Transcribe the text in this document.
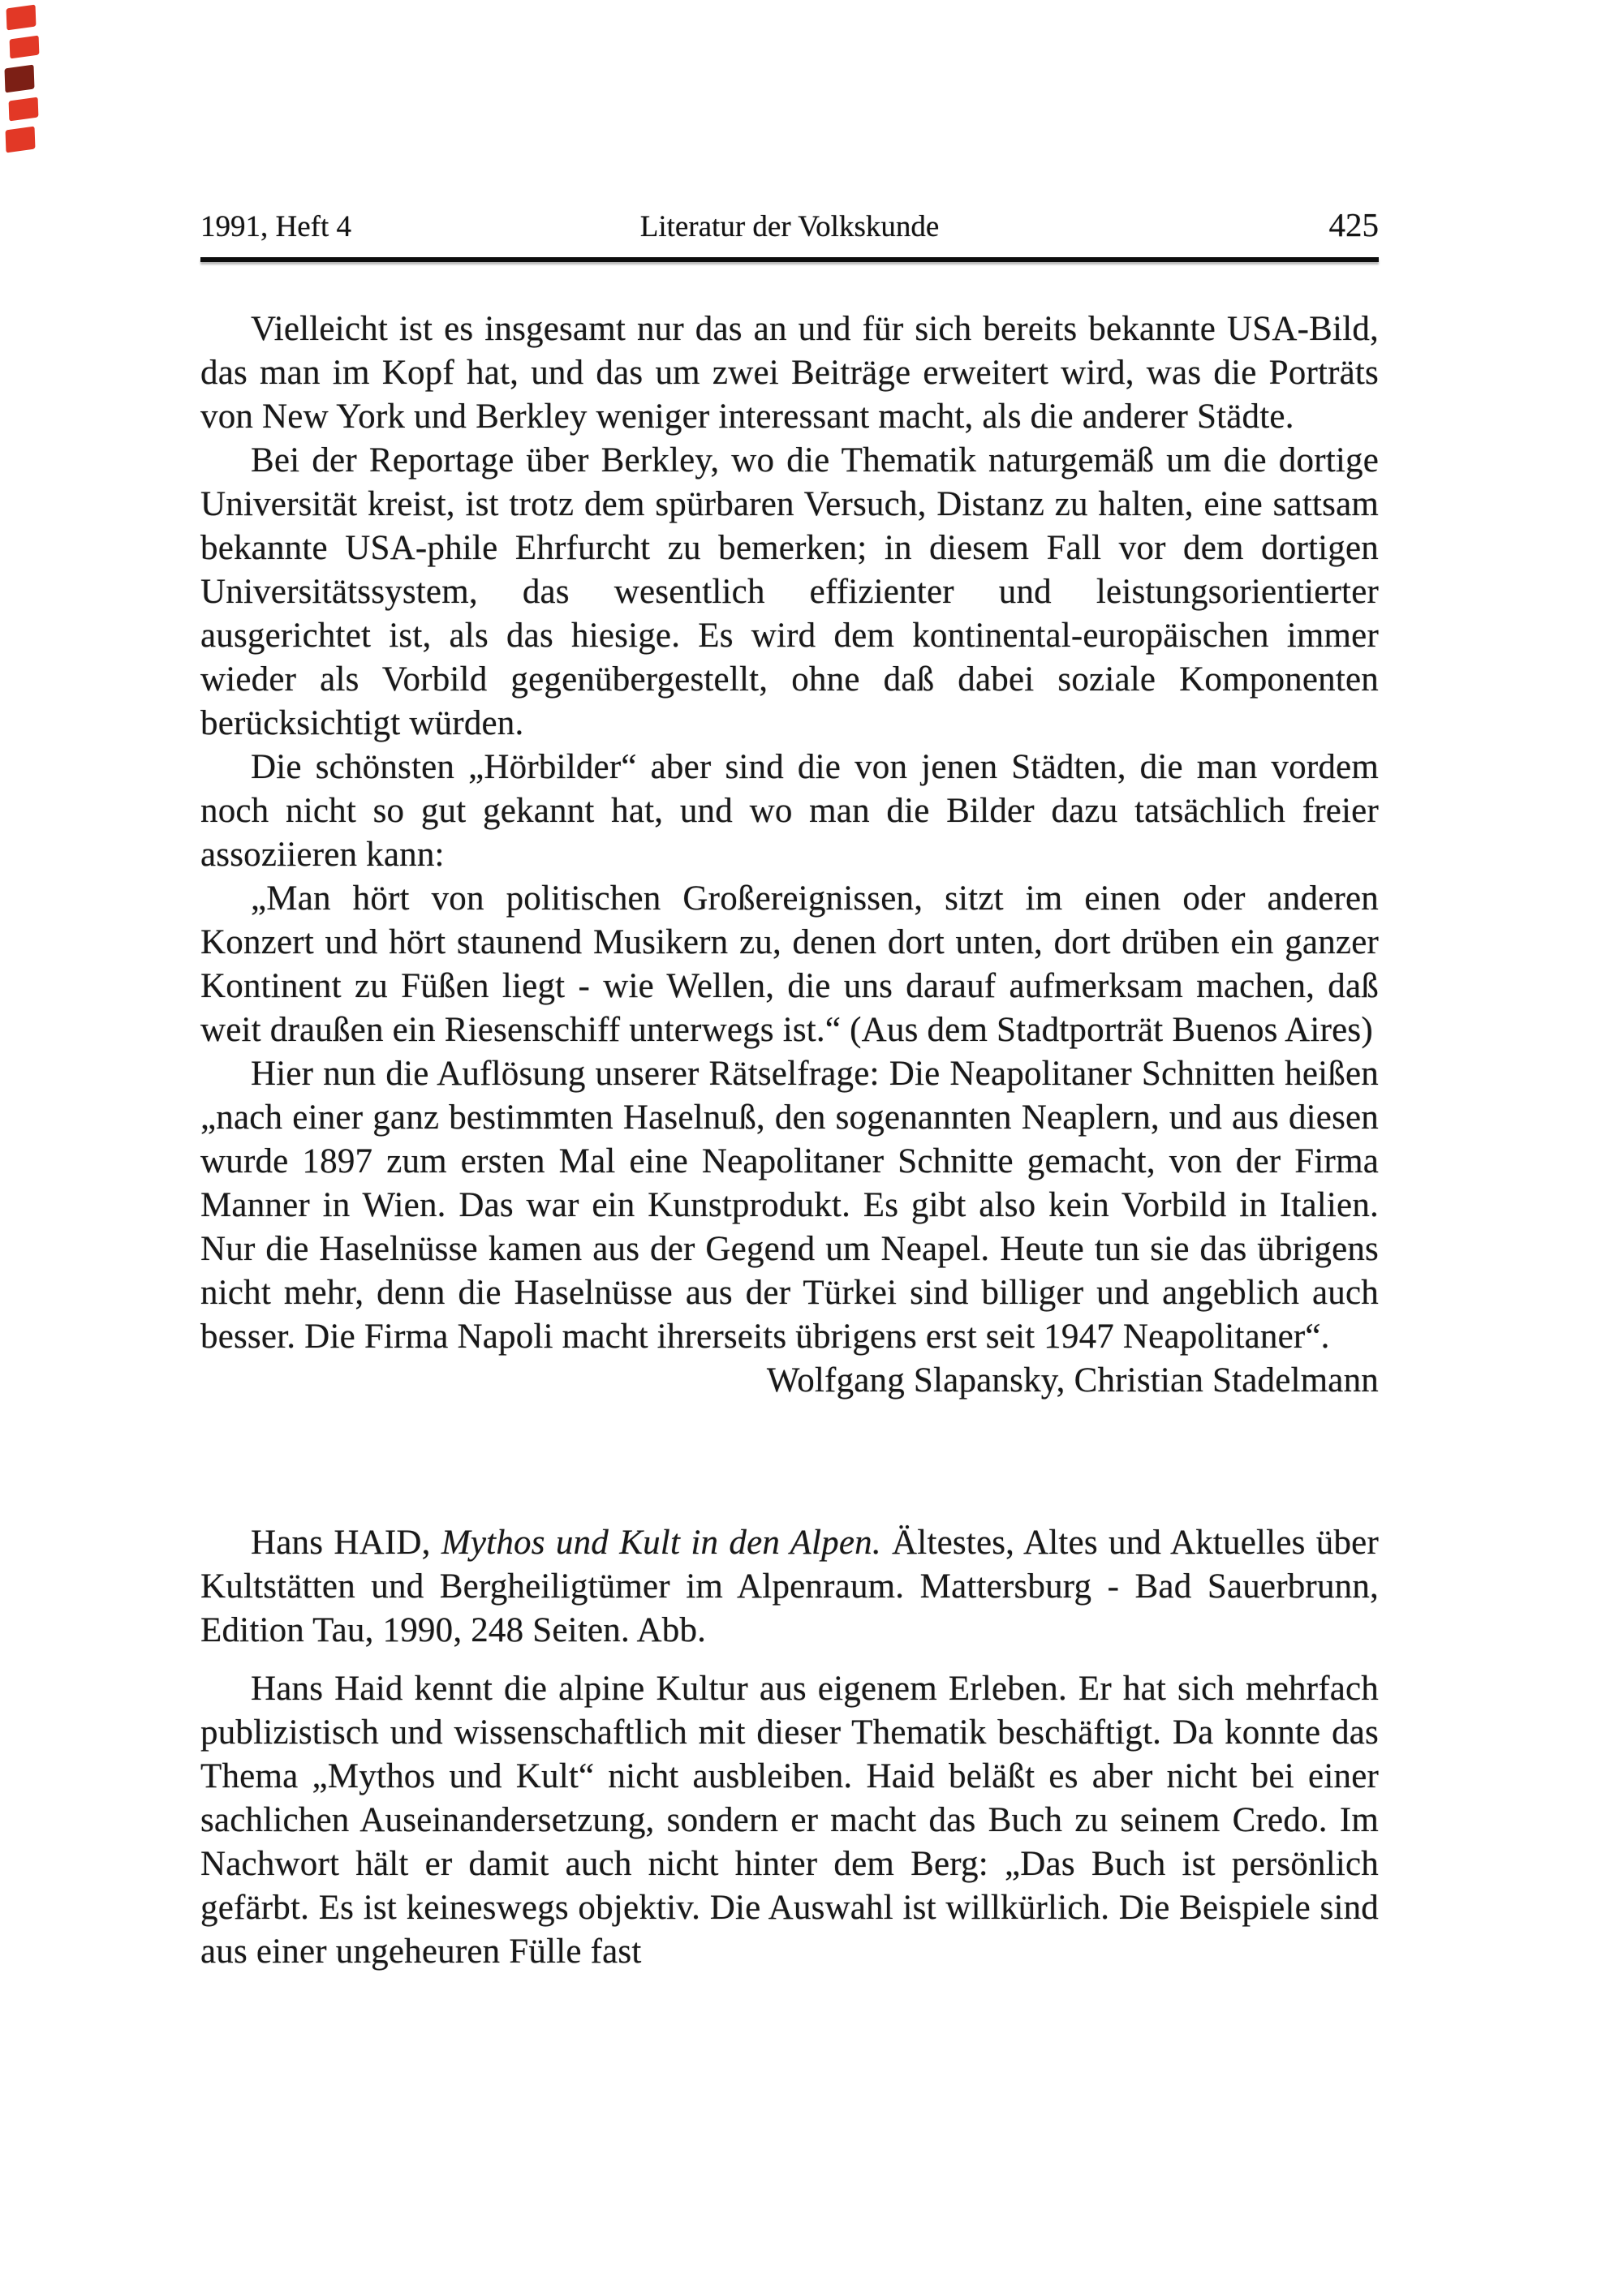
1991, Heft 4	Literatur der Volkskunde	425

Vielleicht ist es insgesamt nur das an und für sich bereits bekannte USA-Bild, das man im Kopf hat, und das um zwei Beiträge erweitert wird, was die Porträts von New York und Berkley weniger interessant macht, als die anderer Städte.

Bei der Reportage über Berkley, wo die Thematik naturgemäß um die dortige Universität kreist, ist trotz dem spürbaren Versuch, Distanz zu halten, eine sattsam bekannte USA-phile Ehrfurcht zu bemerken; in diesem Fall vor dem dortigen Universitätssystem, das wesentlich effizienter und leistungsorientierter ausgerichtet ist, als das hiesige. Es wird dem kontinental-europäischen immer wieder als Vorbild gegenübergestellt, ohne daß dabei soziale Komponenten berücksichtigt würden.

Die schönsten „Hörbilder“ aber sind die von jenen Städten, die man vordem noch nicht so gut gekannt hat, und wo man die Bilder dazu tatsächlich freier assoziieren kann:

„Man hört von politischen Großereignissen, sitzt im einen oder anderen Konzert und hört staunend Musikern zu, denen dort unten, dort drüben ein ganzer Kontinent zu Füßen liegt - wie Wellen, die uns darauf aufmerksam machen, daß weit draußen ein Riesenschiff unterwegs ist.“ (Aus dem Stadtporträt Buenos Aires)

Hier nun die Auflösung unserer Rätselfrage: Die Neapolitaner Schnitten heißen „nach einer ganz bestimmten Haselnuß, den sogenannten Neaplern, und aus diesen wurde 1897 zum ersten Mal eine Neapolitaner Schnitte gemacht, von der Firma Manner in Wien. Das war ein Kunstprodukt. Es gibt also kein Vorbild in Italien. Nur die Haselnüsse kamen aus der Gegend um Neapel. Heute tun sie das übrigens nicht mehr, denn die Haselnüsse aus der Türkei sind billiger und angeblich auch besser. Die Firma Napoli macht ihrerseits übrigens erst seit 1947 Neapolitaner“.

Wolfgang Slapansky, Christian Stadelmann

Hans HAID, Mythos und Kult in den Alpen. Ältestes, Altes und Aktuelles über Kultstätten und Bergheiligtümer im Alpenraum. Mattersburg - Bad Sauerbrunn, Edition Tau, 1990, 248 Seiten. Abb.

Hans Haid kennt die alpine Kultur aus eigenem Erleben. Er hat sich mehrfach publizistisch und wissenschaftlich mit dieser Thematik beschäftigt. Da konnte das Thema „Mythos und Kult“ nicht ausbleiben. Haid beläßt es aber nicht bei einer sachlichen Auseinandersetzung, sondern er macht das Buch zu seinem Credo. Im Nachwort hält er damit auch nicht hinter dem Berg: „Das Buch ist persönlich gefärbt. Es ist keineswegs objektiv. Die Auswahl ist willkürlich. Die Beispiele sind aus einer ungeheuren Fülle fast
